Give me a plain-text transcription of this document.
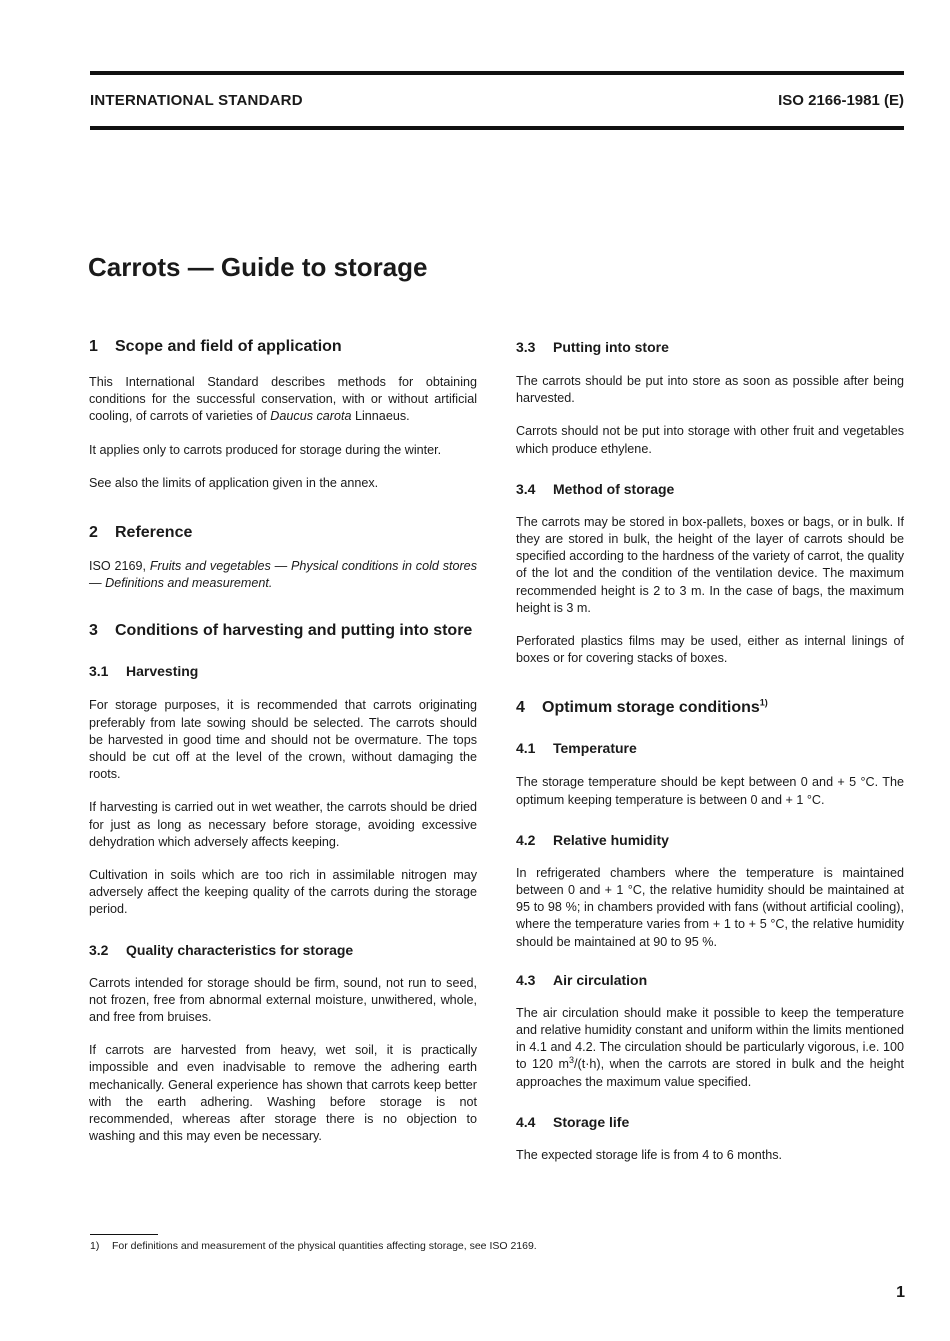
INTERNATIONAL STANDARD	ISO 2166-1981 (E)
Carrots — Guide to storage
1 Scope and field of application

This International Standard describes methods for obtaining conditions for the successful conservation, with or without artificial cooling, of carrots of varieties of Daucus carota Linnaeus.

It applies only to carrots produced for storage during the winter.

See also the limits of application given in the annex.

2 Reference

ISO 2169, Fruits and vegetables — Physical conditions in cold stores — Definitions and measurement.

3 Conditions of harvesting and putting into store
3.1 Harvesting

For storage purposes, it is recommended that carrots originating preferably from late sowing should be selected. The carrots should be harvested in good time and should not be overmature. The tops should be cut off at the level of the crown, without damaging the roots.

If harvesting is carried out in wet weather, the carrots should be dried for just as long as necessary before storage, avoiding excessive dehydration which adversely affects keeping.

Cultivation in soils which are too rich in assimilable nitrogen may adversely affect the keeping quality of the carrots during the storage period.

3.2 Quality characteristics for storage

Carrots intended for storage should be firm, sound, not run to seed, not frozen, free from abnormal external moisture, unwithered, whole, and free from bruises.

If carrots are harvested from heavy, wet soil, it is practically impossible and even inadvisable to remove the adhering earth mechanically. General experience has shown that carrots keep better with the earth adhering. Washing before storage is not recommended, whereas after storage there is no objection to washing and this may even be necessary.

3.3 Putting into store

The carrots should be put into store as soon as possible after being harvested.

Carrots should not be put into storage with other fruit and vegetables which produce ethylene.

3.4 Method of storage

The carrots may be stored in box-pallets, boxes or bags, or in bulk. If they are stored in bulk, the height of the layer of carrots should be specified according to the hardness of the variety of carrot, the quality of the lot and the condition of the ventilation device. The maximum recommended height is 2 to 3 m. In the case of bags, the maximum height is 3 m.

Perforated plastics films may be used, either as internal linings of boxes or for covering stacks of boxes.

4 Optimum storage conditions$^{1)}$
4.1 Temperature

The storage temperature should be kept between 0 and + 5 °C. The optimum keeping temperature is between 0 and + 1 °C.

4.2 Relative humidity

In refrigerated chambers where the temperature is maintained between 0 and + 1 °C, the relative humidity should be maintained at 95 to 98 %; in chambers provided with fans (without artificial cooling), where the temperature varies from + 1 to + 5 °C, the relative humidity should be maintained at 90 to 95 %.

4.3 Air circulation

The air circulation should make it possible to keep the temperature and relative humidity constant and uniform within the limits mentioned in 4.1 and 4.2. The circulation should be particularly vigorous, i.e. 100 to 120 $m^3/(t\cdot h)$, when the carrots are stored in bulk and the height approaches the maximum value specified.

4.4 Storage life

The expected storage life is from 4 to 6 months.

1) For definitions and measurement of the physical quantities affecting storage, see ISO 2169.
1
